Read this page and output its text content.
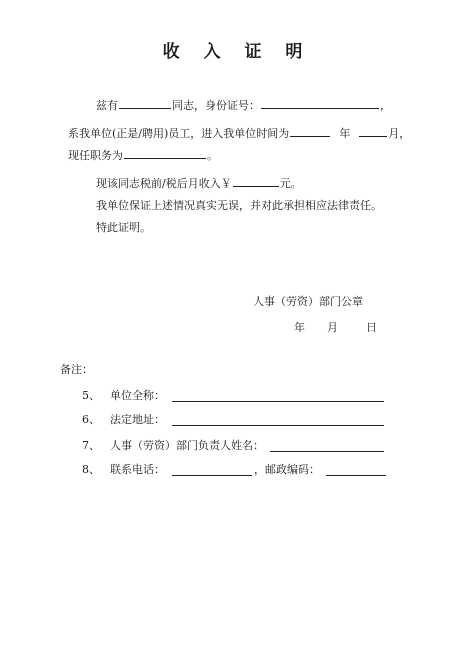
收 入 证 明
兹有	同志，身份证号：	，
系我单位(正是/聘用)员工，进入我单位时间为	年	月，
现任职务为	。
现该同志税前/税后月收入￥	元。
我单位保证上述情况真实无误，并对此承担相应法律责任。
特此证明。
人事（劳资）部门公章
年 月	日
备注：
5、 单位全称：
6、 法定地址：
7、 人事（劳资）部门负责人姓名：
8、 联系电话：	，邮政编码：
